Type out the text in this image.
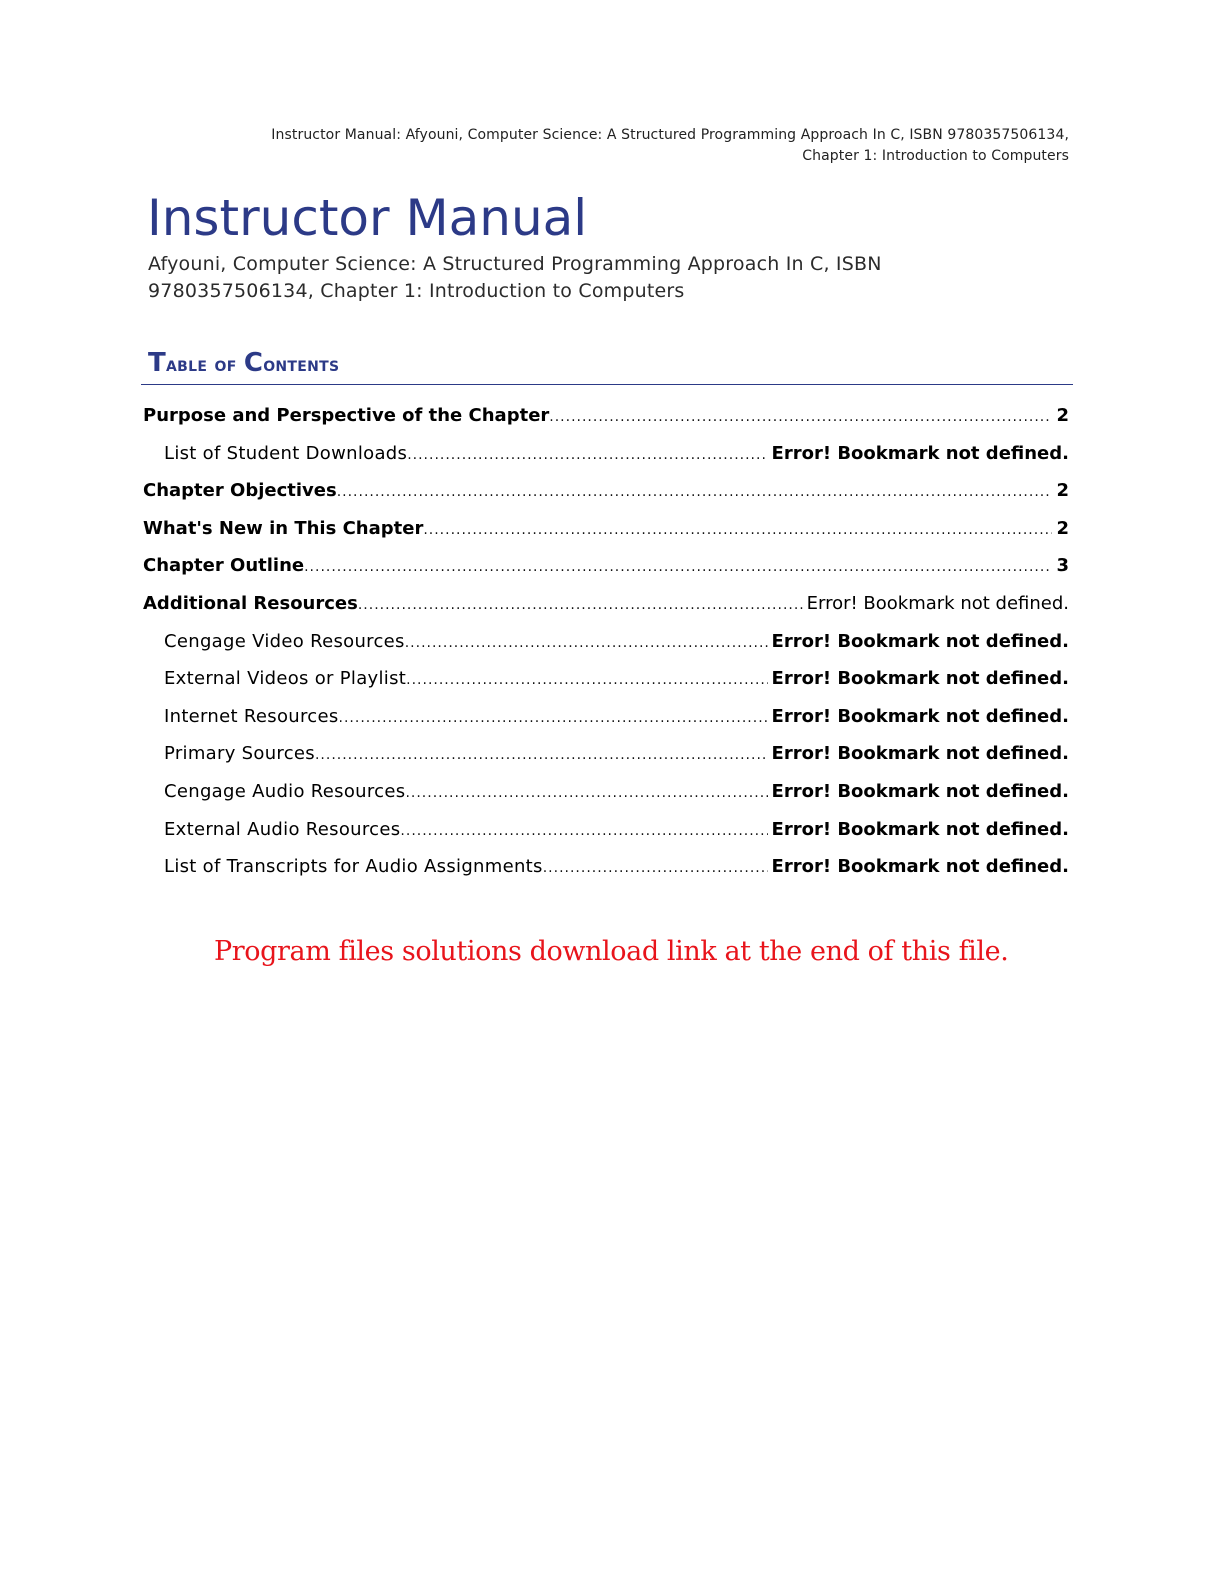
Instructor Manual: Afyouni, Computer Science: A Structured Programming Approach In C, ISBN 9780357506134,
Chapter 1: Introduction to Computers
Instructor Manual
Afyouni, Computer Science: A Structured Programming Approach In C, ISBN
9780357506134, Chapter 1: Introduction to Computers
Table of Contents
Purpose and Perspective of the Chapter .....	2
List of Student Downloads .....	Error! Bookmark not defined.
Chapter Objectives .....	2
What's New in This Chapter .....	2
Chapter Outline .....	3
Additional Resources .....	Error! Bookmark not defined.
Cengage Video Resources .....	Error! Bookmark not defined.
External Videos or Playlist .....	Error! Bookmark not defined.
Internet Resources .....	Error! Bookmark not defined.
Primary Sources .....	Error! Bookmark not defined.
Cengage Audio Resources .....	Error! Bookmark not defined.
External Audio Resources .....	Error! Bookmark not defined.
List of Transcripts for Audio Assignments .....	Error! Bookmark not defined.
Program files solutions download link at the end of this file.
